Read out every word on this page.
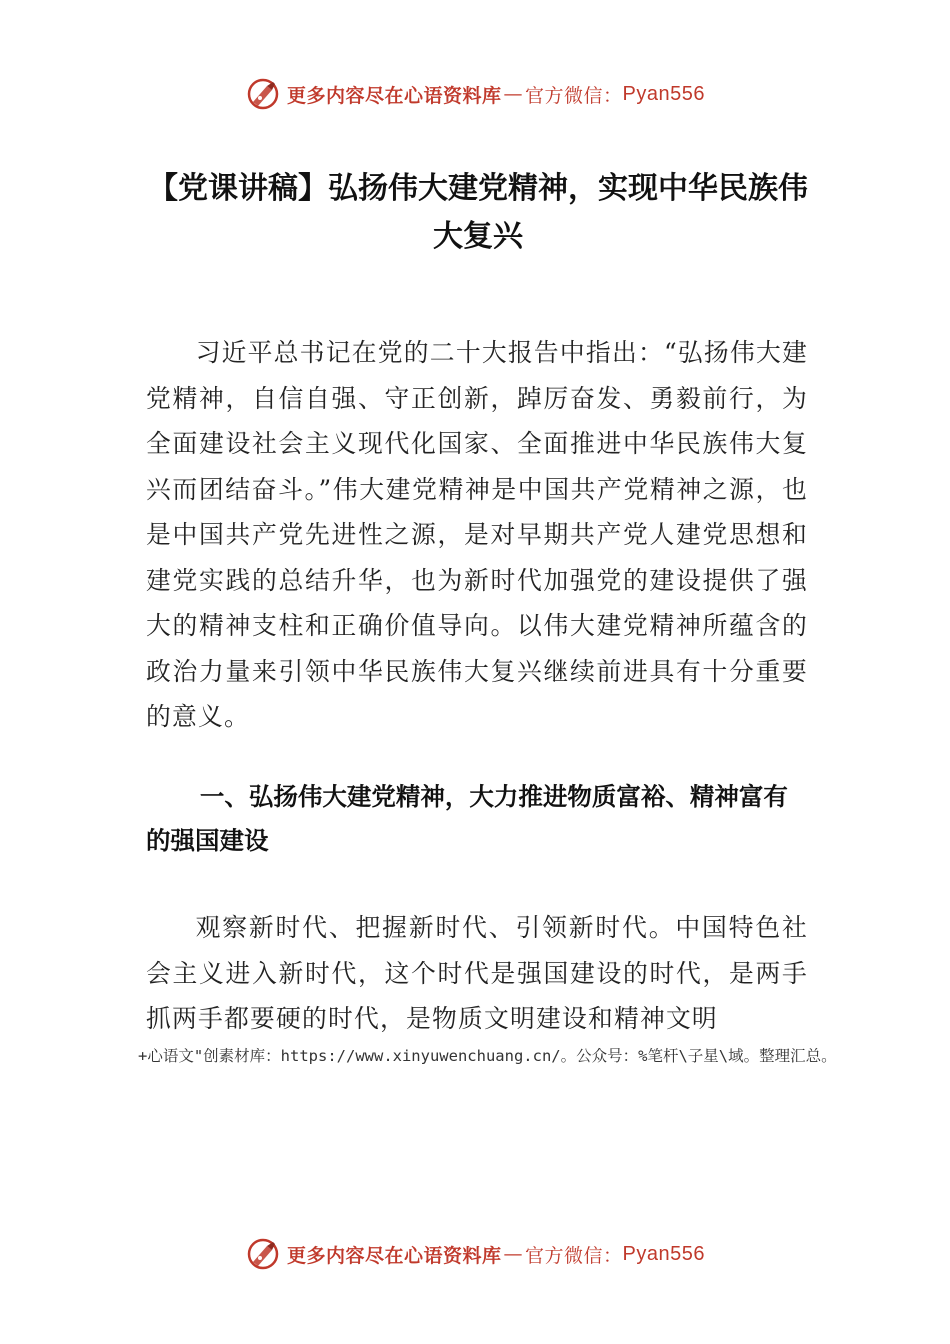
更多内容尽在心语资料库 — 官方微信： Pyan556
【党课讲稿】弘扬伟大建党精神，实现中华民族伟大复兴

习近平总书记在党的二十大报告中指出：“弘扬伟大建党精神，自信自强、守正创新，踔厉奋发、勇毅前行，为全面建设社会主义现代化国家、全面推进中华民族伟大复兴而团结奋斗。”伟大建党精神是中国共产党精神之源，也是中国共产党先进性之源，是对早期共产党人建党思想和建党实践的总结升华，也为新时代加强党的建设提供了强大的精神支柱和正确价值导向。以伟大建党精神所蕴含的政治力量来引领中华民族伟大复兴继续前进具有十分重要的意义。

一、弘扬伟大建党精神，大力推进物质富裕、精神富有的强国建设

观察新时代、把握新时代、引领新时代。中国特色社会主义进入新时代，这个时代是强国建设的时代，是两手抓两手都要硬的时代，是物质文明建设和精神文明

+心语文"创素材库：https://www.xinyuwenchuang.cn/。公众号：%笔杆\子星\域。整理汇总。

更多内容尽在心语资料库 — 官方微信： Pyan556
